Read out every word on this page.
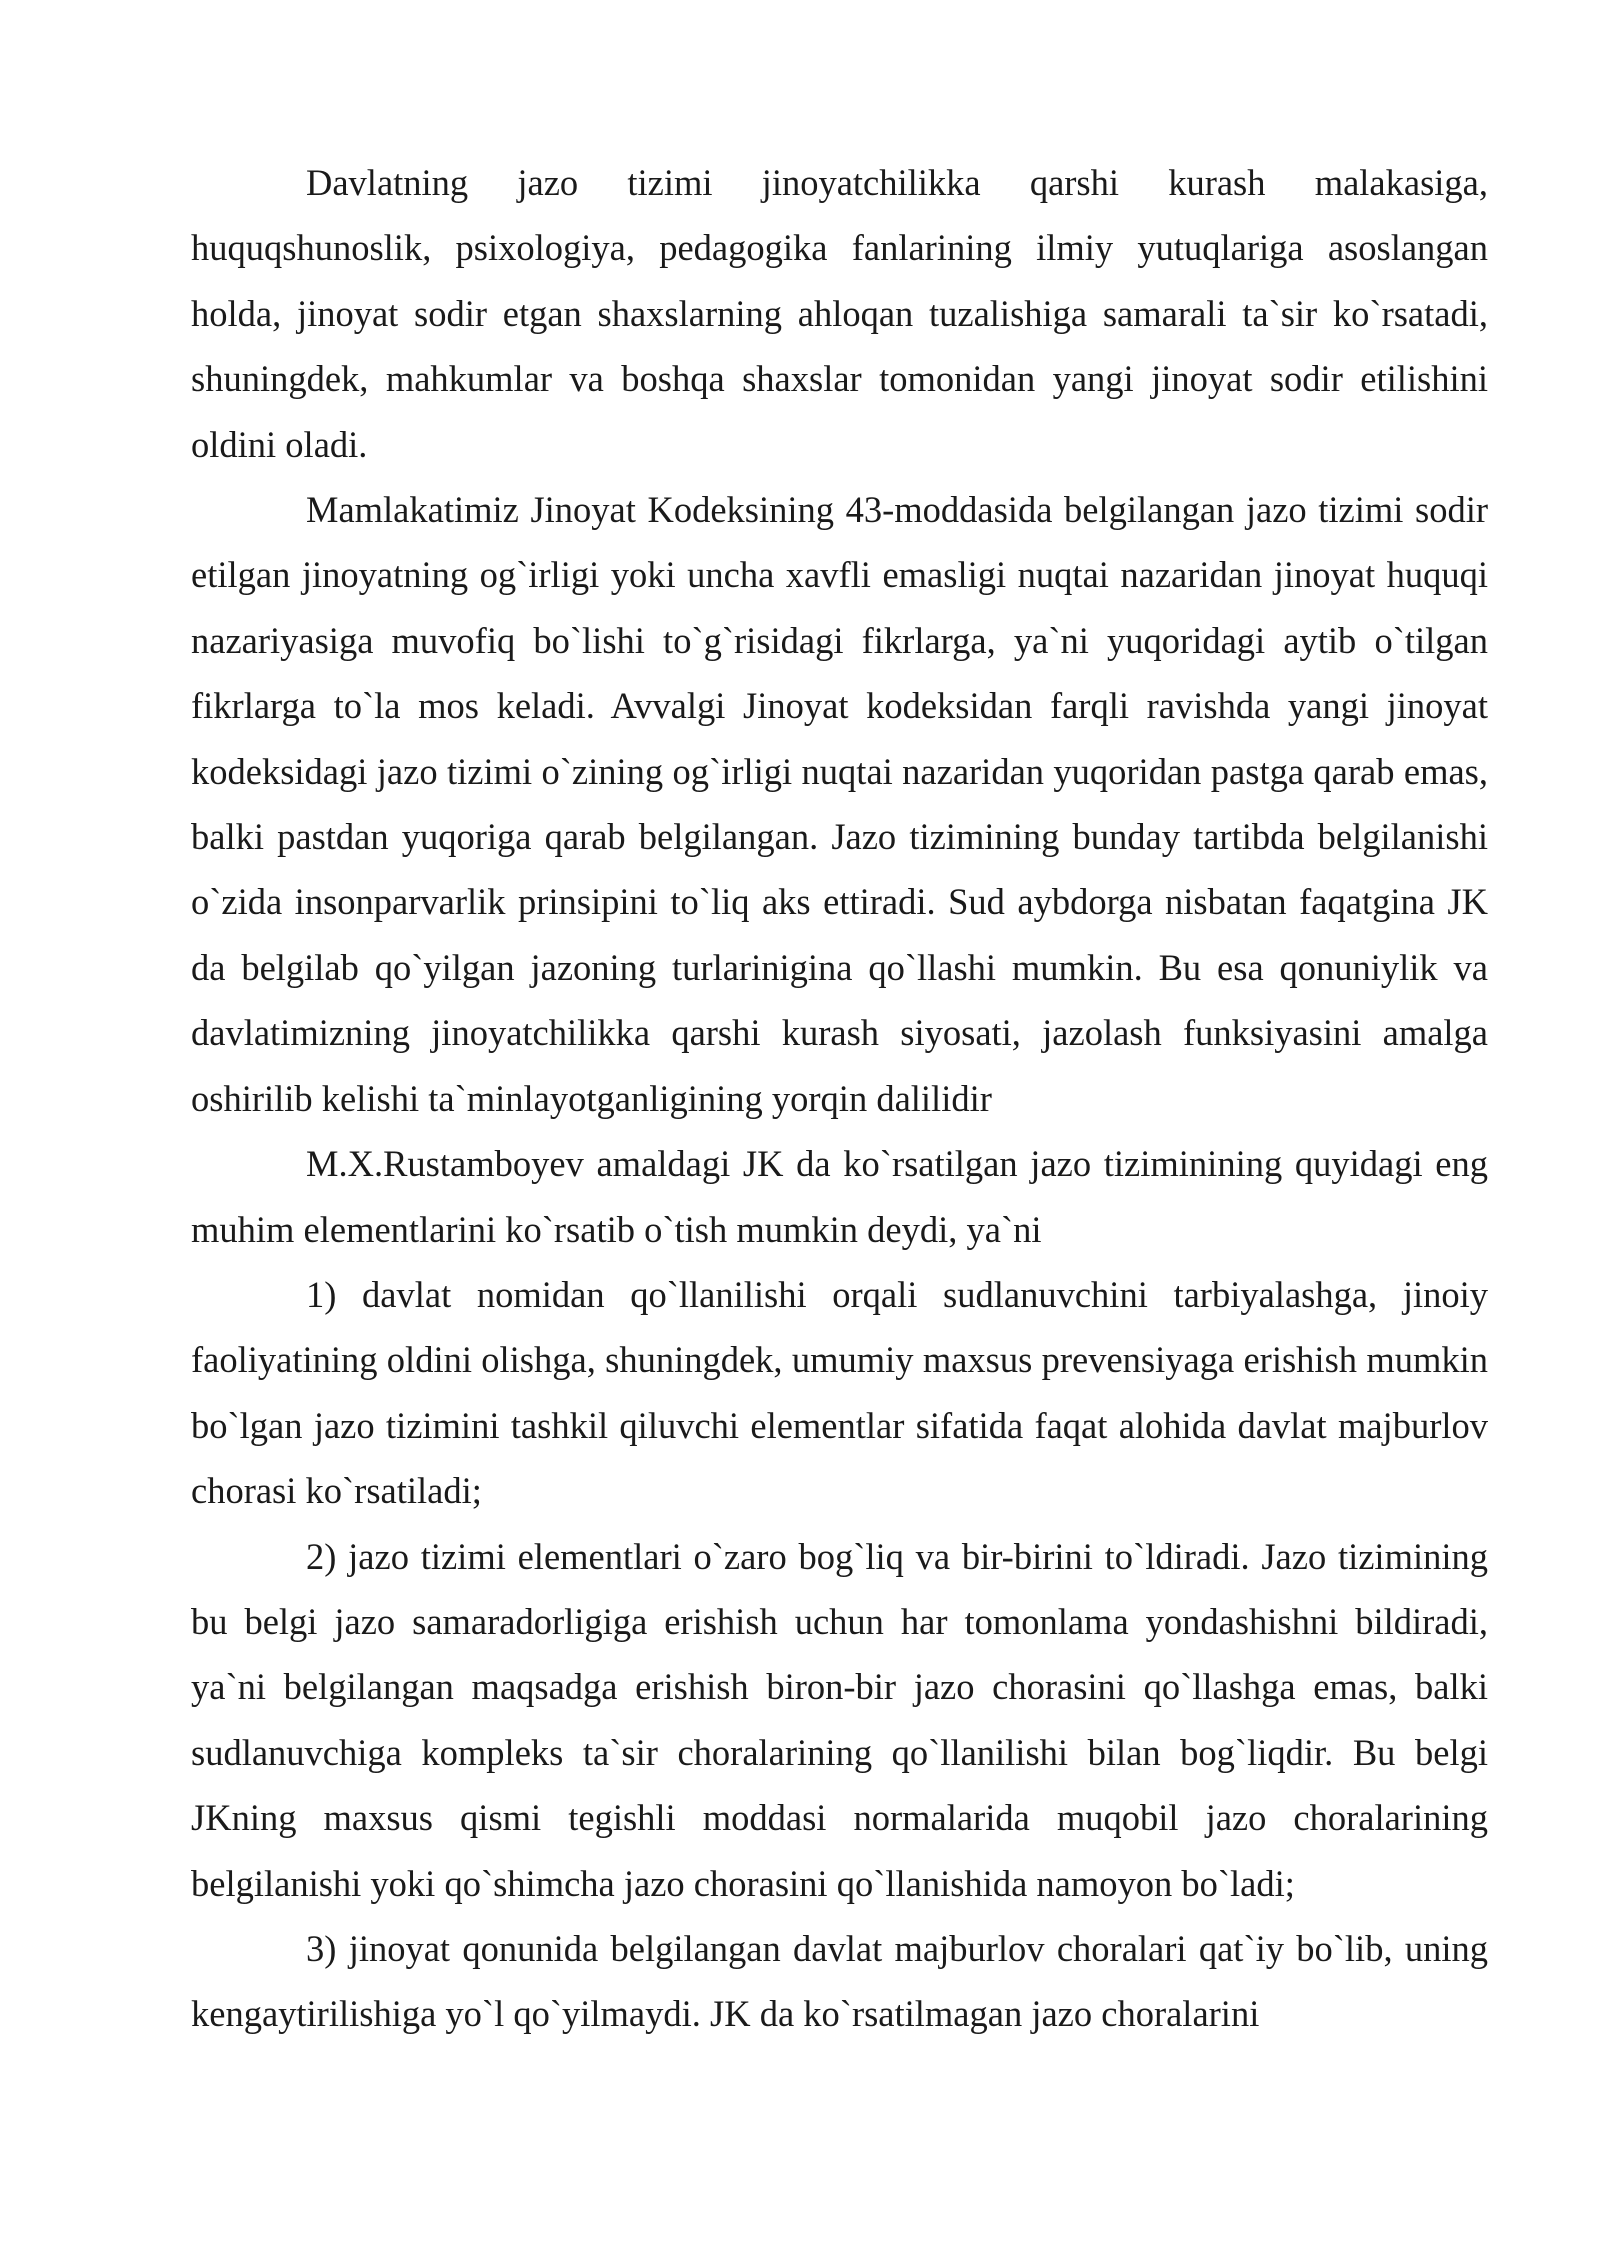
Davlatning jazo tizimi jinoyatchilikka qarshi kurash malakasiga, huquqshunoslik, psixologiya, pedagogika fanlarining ilmiy yutuqlariga asoslangan holda, jinoyat sodir etgan shaxslarning ahloqan tuzalishiga samarali ta`sir ko`rsatadi, shuningdek, mahkumlar va boshqa shaxslar tomonidan yangi jinoyat sodir etilishini oldini oladi.

Mamlakatimiz Jinoyat Kodeksining 43-moddasida belgilangan jazo tizimi sodir etilgan jinoyatning og`irligi yoki uncha xavfli emasligi nuqtai nazaridan jinoyat huquqi nazariyasiga muvofiq bo`lishi to`g`risidagi fikrlarga, ya`ni yuqoridagi aytib o`tilgan fikrlarga to`la mos keladi. Avvalgi Jinoyat kodeksidan farqli ravishda yangi jinoyat kodeksidagi jazo tizimi o`zining og`irligi nuqtai nazaridan yuqoridan pastga qarab emas, balki pastdan yuqoriga qarab belgilangan. Jazo tizimining bunday tartibda belgilanishi o`zida insonparvarlik prinsipini to`liq aks ettiradi. Sud aybdorga nisbatan faqatgina JK da belgilab qo`yilgan jazoning turlarinigina qo`llashi mumkin. Bu esa qonuniylik va davlatimizning jinoyatchilikka qarshi kurash siyosati, jazolash funksiyasini amalga oshirilib kelishi ta`minlayotganligining yorqin dalilidir

M.X.Rustamboyev amaldagi JK da ko`rsatilgan jazo tiziminining quyidagi eng muhim elementlarini ko`rsatib o`tish mumkin deydi, ya`ni

1) davlat nomidan qo`llanilishi orqali sudlanuvchini tarbiyalashga, jinoiy faoliyatining oldini olishga, shuningdek, umumiy maxsus prevensiyaga erishish mumkin bo`lgan jazo tizimini tashkil qiluvchi elementlar sifatida faqat alohida davlat majburlov chorasi ko`rsatiladi;

2) jazo tizimi elementlari o`zaro bog`liq va bir-birini to`ldiradi. Jazo tizimining bu belgi jazo samaradorligiga erishish uchun har tomonlama yondashishni bildiradi, ya`ni belgilangan maqsadga erishish biron-bir jazo chorasini qo`llashga emas, balki sudlanuvchiga kompleks ta`sir choralarining qo`llanilishi bilan bog`liqdir. Bu belgi JKning maxsus qismi tegishli moddasi normalarida muqobil jazo choralarining belgilanishi yoki qo`shimcha jazo chorasini qo`llanishida namoyon bo`ladi;

3) jinoyat qonunida belgilangan davlat majburlov choralari qat`iy bo`lib, uning kengaytirilishiga yo`l qo`yilmaydi. JK da ko`rsatilmagan jazo choralarini
